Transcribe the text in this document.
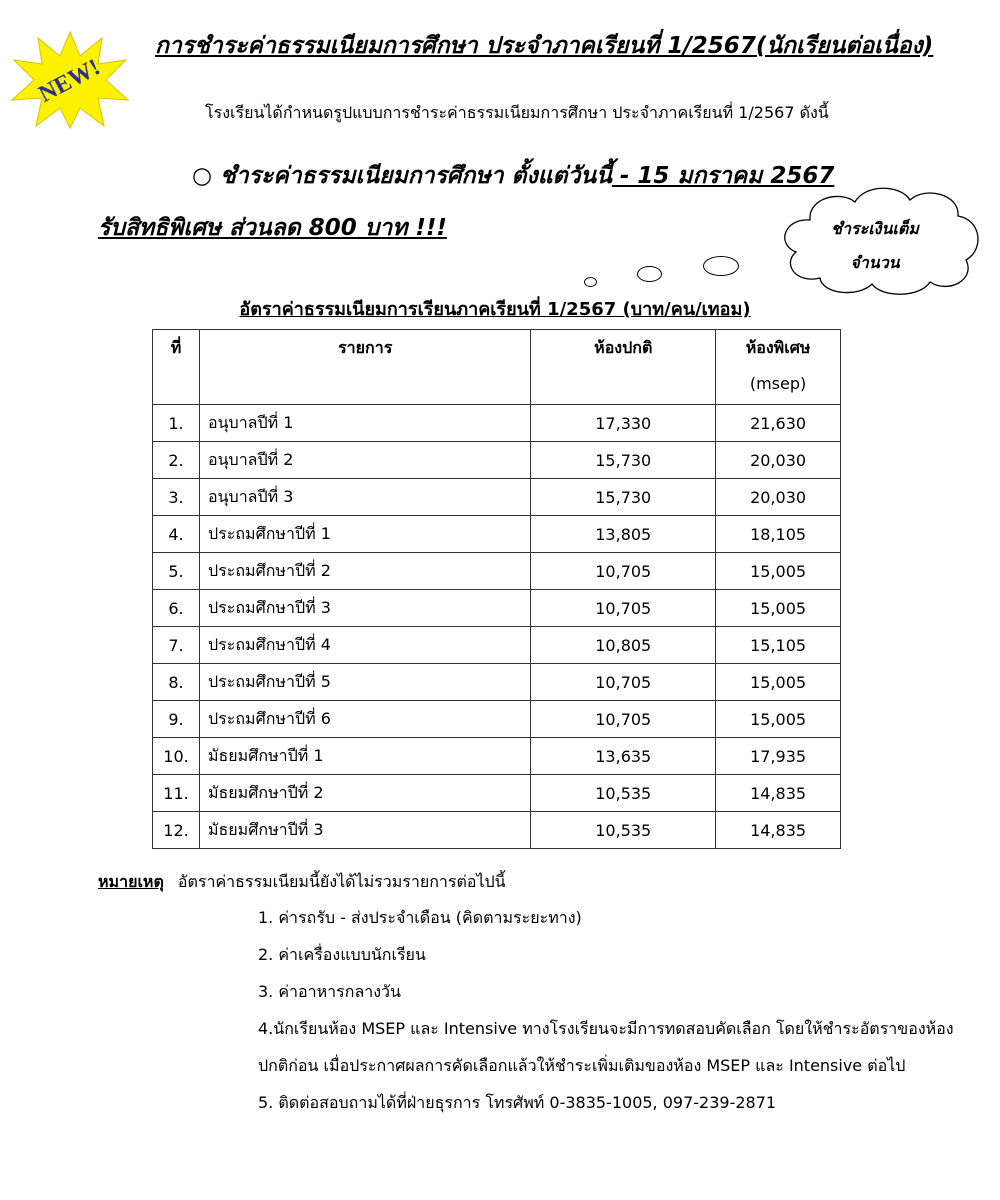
NEW!
การชำระค่าธรรมเนียมการศึกษา ประจำภาคเรียนที่ 1/2567(นักเรียนต่อเนื่อง)
โรงเรียนได้กำหนดรูปแบบการชำระค่าธรรมเนียมการศึกษา ประจำภาคเรียนที่ 1/2567 ดังนี้
○ ชำระค่าธรรมเนียมการศึกษา ตั้งแต่วันนี้ - 15 มกราคม 2567
รับสิทธิพิเศษ ส่วนลด 800 บาท !!!	ชำระเงินเต็ม
จำนวน
อัตราค่าธรรมเนียมการเรียนภาคเรียนที่ 1/2567 (บาท/คน/เทอม)
ที่	รายการ	ห้องปกติ	ห้องพิเศษ
(msep)

1.	อนุบาลปีที่ 1	17,330	21,630
2.	อนุบาลปีที่ 2	15,730	20,030
3.	อนุบาลปีที่ 3	15,730	20,030
4.	ประถมศึกษาปีที่ 1	13,805	18,105
5.	ประถมศึกษาปีที่ 2	10,705	15,005
6.	ประถมศึกษาปีที่ 3	10,705	15,005
7.	ประถมศึกษาปีที่ 4	10,805	15,105
8.	ประถมศึกษาปีที่ 5	10,705	15,005
9.	ประถมศึกษาปีที่ 6	10,705	15,005
10.	มัธยมศึกษาปีที่ 1	13,635	17,935
11.	มัธยมศึกษาปีที่ 2	10,535	14,835
12.	มัธยมศึกษาปีที่ 3	10,535	14,835
หมายเหตุ อัตราค่าธรรมเนียมนี้ยังได้ไม่รวมรายการต่อไปนี้
1. ค่ารถรับ - ส่งประจำเดือน (คิดตามระยะทาง)
2. ค่าเครื่องแบบนักเรียน
3. ค่าอาหารกลางวัน
4.นักเรียนห้อง MSEP และ Intensive ทางโรงเรียนจะมีการทดสอบคัดเลือก โดยให้ชำระอัตราของห้องปกติก่อน เมื่อประกาศผลการคัดเลือกแล้วให้ชำระเพิ่มเติมของห้อง MSEP และ Intensive ต่อไป
5. ติดต่อสอบถามได้ที่ฝ่ายธุรการ โทรศัพท์ 0-3835-1005, 097-239-2871
